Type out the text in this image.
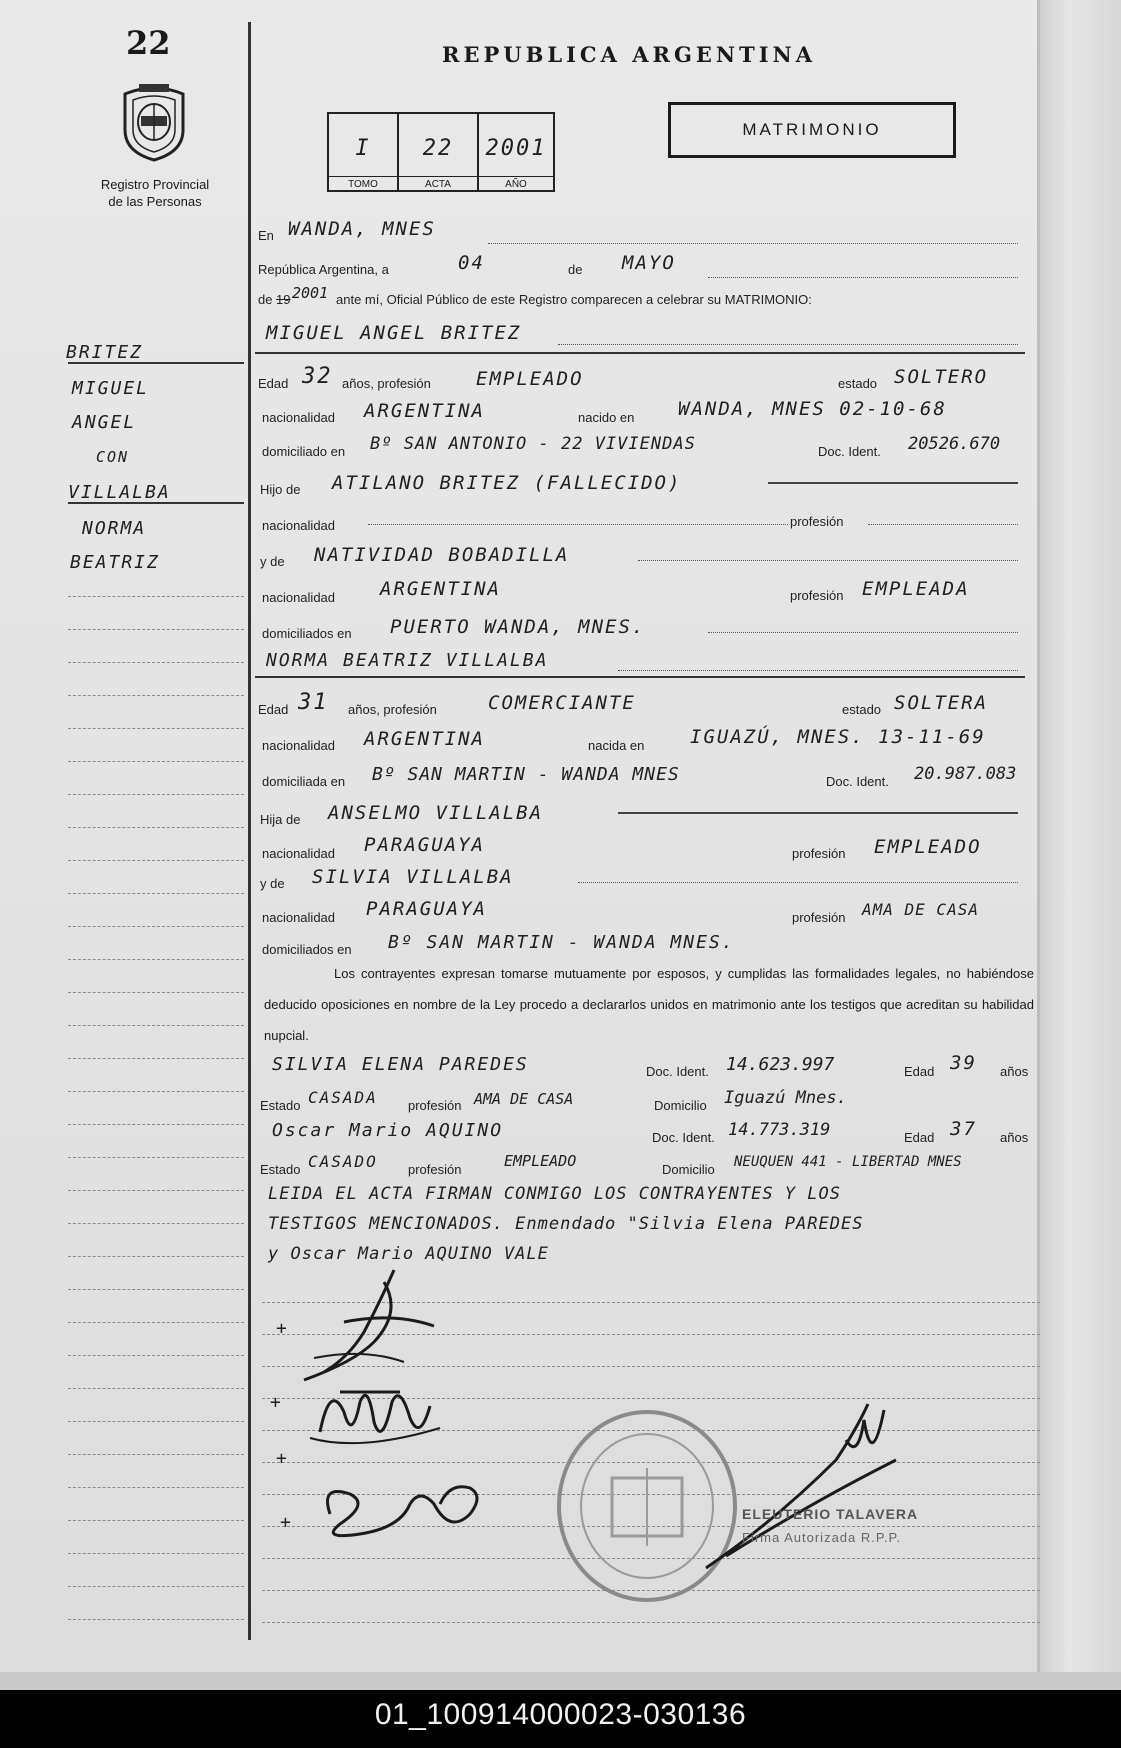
22
Registro Provincial
de las Personas
BRITEZ
MIGUEL
ANGEL
CON
VILLALBA
NORMA
BEATRIZ
REPUBLICA ARGENTINA
I
TOMO
22
ACTA
2001
AÑO
MATRIMONIO
En WANDA, MNES
República Argentina, a	04	de MAYO
de 19 2001 ante mí, Oficial Público de este Registro comparecen a celebrar su MATRIMONIO:
MIGUEL ANGEL BRITEZ
Edad 32 años, profesión EMPLEADO	estado SOLTERO
nacionalidad ARGENTINA	nacido en WANDA, MNES 02-10-68
domiciliado en Bº SAN ANTONIO - 22 VIVIENDAS	Doc. Ident. 20526.670
Hijo de ATILANO BRITEZ (FALLECIDO)
nacionalidad	profesión
y de NATIVIDAD BOBADILLA
nacionalidad ARGENTINA	profesión EMPLEADA
domiciliados en PUERTO WANDA, MNES.
NORMA BEATRIZ VILLALBA
Edad 31 años, profesión	COMERCIANTE	estado SOLTERA
nacionalidad ARGENTINA	nacida en IGUAZÚ, MNES. 13-11-69
domiciliada en Bº SAN MARTIN - WANDA MNES	Doc. Ident. 20.987.083
Hija de ANSELMO VILLALBA
nacionalidad PARAGUAYA	profesión EMPLEADO
y de SILVIA VILLALBA
nacionalidad PARAGUAYA	profesión AMA DE CASA
domiciliados en Bº SAN MARTIN - WANDA MNES.
Los contrayentes expresan tomarse mutuamente por esposos, y cumplidas las formalidades legales, no habiéndose deducido oposiciones en nombre de la Ley procedo a declararlos unidos en matrimonio ante los testigos que acreditan su habilidad nupcial.
SILVIA ELENA PAREDES	Doc. Ident. 14.623.997	Edad 39 años
Estado CASADA profesión AMA DE CASA	Domicilio Iguazú Mnes.
Oscar Mario AQUINO	Doc. Ident. 14.773.319	Edad 37 años
Estado CASADO profesión	EMPLEADO	Domicilio NEUQUEN 441 - LIBERTAD MNES
LEIDA EL ACTA FIRMAN CONMIGO LOS CONTRAYENTES Y LOS
TESTIGOS MENCIONADOS. Enmendado "Silvia Elena PAREDES
y Oscar Mario AQUINO VALE
+
+
+
+	ELEUTERIO TALAVERA
Firma Autorizada R.P.P.
01_100914000023-030136
